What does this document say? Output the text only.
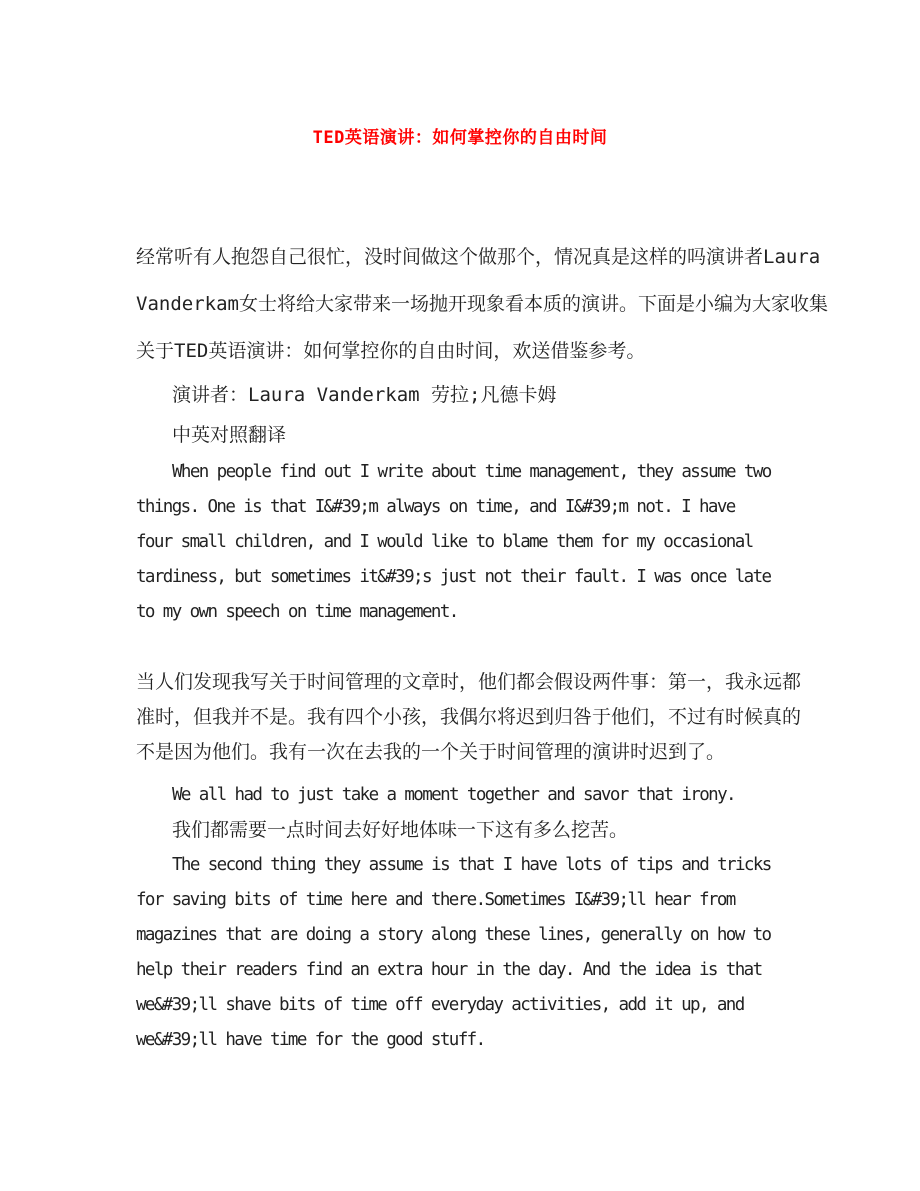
TED英语演讲：如何掌控你的自由时间

经常听有人抱怨自己很忙，没时间做这个做那个，情况真是这样的吗演讲者Laura
Vanderkam女士将给大家带来一场抛开现象看本质的演讲。下面是小编为大家收集
关于TED英语演讲：如何掌控你的自由时间，欢送借鉴参考。

演讲者：Laura Vanderkam 劳拉;凡德卡姆

中英对照翻译

When people find out I write about time management, they assume two
things. One is that I&#39;m always on time, and I&#39;m not. I have
four small children, and I would like to blame them for my occasional
tardiness, but sometimes it&#39;s just not their fault. I was once late
to my own speech on time management.

当人们发现我写关于时间管理的文章时，他们都会假设两件事：第一，我永远都
准时，但我并不是。我有四个小孩，我偶尔将迟到归咎于他们，不过有时候真的
不是因为他们。我有一次在去我的一个关于时间管理的演讲时迟到了。

We all had to just take a moment together and savor that irony.

我们都需要一点时间去好好地体味一下这有多么挖苦。

The second thing they assume is that I have lots of tips and tricks
for saving bits of time here and there.Sometimes I&#39;ll hear from
magazines that are doing a story along these lines, generally on how to
help their readers find an extra hour in the day. And the idea is that
we&#39;ll shave bits of time off everyday activities, add it up, and
we&#39;ll have time for the good stuff.
